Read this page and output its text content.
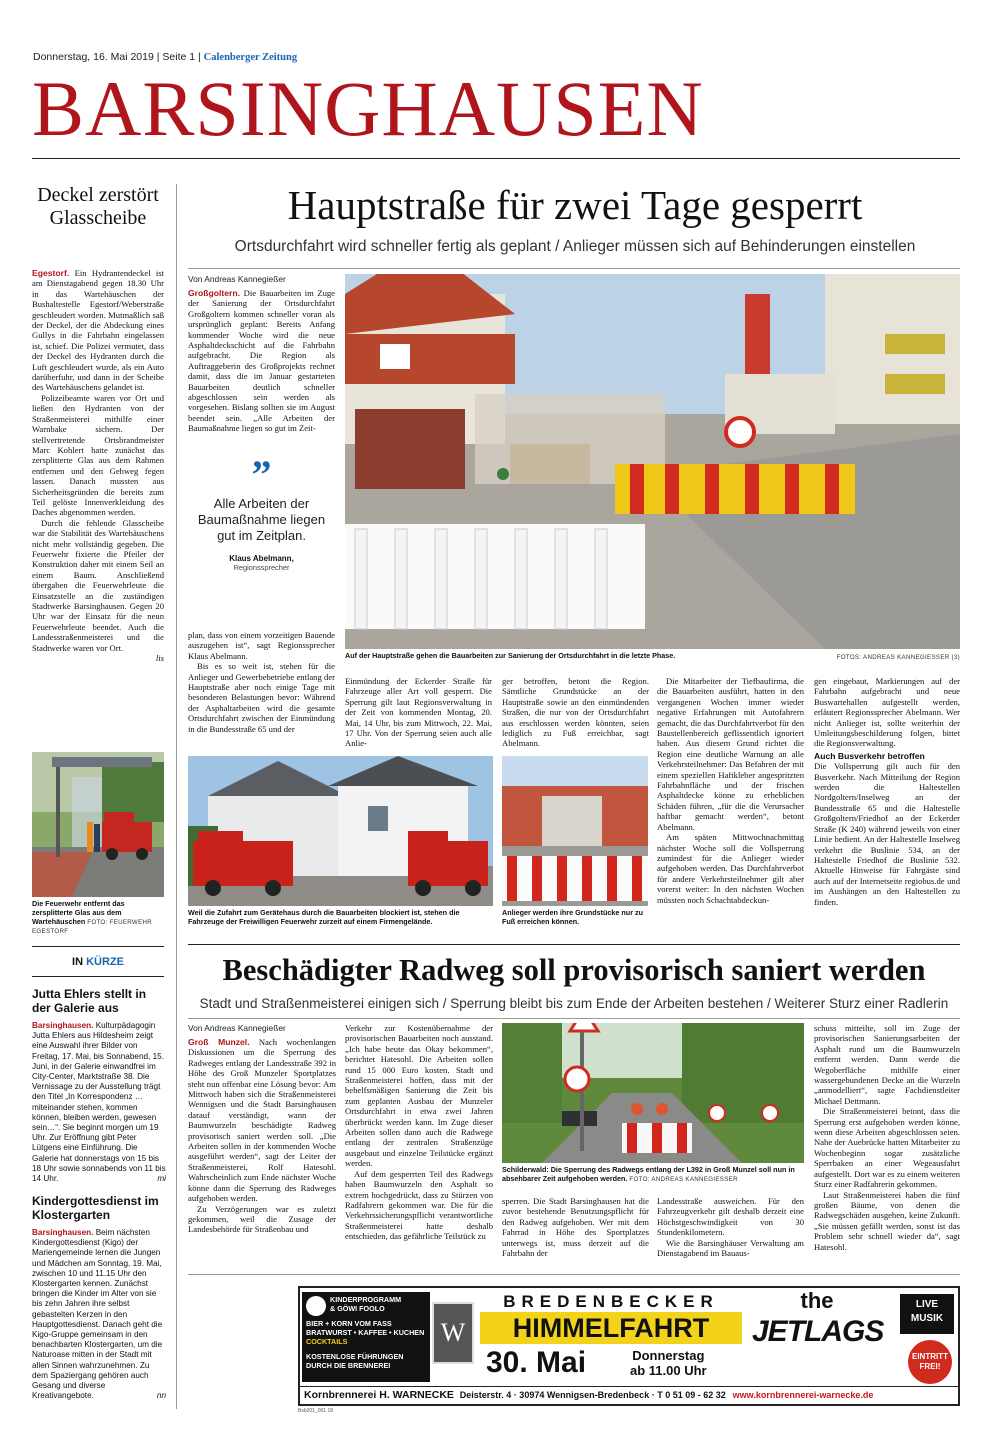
Donnerstag, 16. Mai 2019 | Seite 1 | Calenberger Zeitung
BARSINGHAUSEN
Deckel zerstört Glasscheibe

Egestorf. Ein Hydrantendeckel ist am Dienstagabend gegen 18.30 Uhr in das Wartehäuschen der Bushaltestelle Egestorf/Weberstraße geschleudert worden. Mutmaßlich saß der Deckel, der die Abdeckung eines Gullys in die Fahrbahn eingelassen ist, schief. Die Polizei vermutet, dass der Deckel des Hydranten durch die Luft geschleudert wurde, als ein Auto darüberfuhr, und dann in der Scheibe des Wartehäuschens gelandet ist.

Polizeibeamte waren vor Ort und ließen den Hydranten von der Straßenmeisterei mithilfe einer Warnbake sichern. Der stellvertretende Ortsbrandmeister Marc Kohlert hatte zunächst das zersplitterte Glas aus dem Rahmen entfernen und den Gehweg fegen lassen. Danach mussten aus Sicherheitsgründen die bereits zum Teil gelöste Innenverkleidung des Daches abgenommen werden.

Durch die fehlende Glasscheibe war die Stabilität des Wartehäuschens nicht mehr vollständig gegeben. Die Feuerwehr fixierte die Pfeiler der Konstruktion daher mit einem Seil an einem Baum. Anschließend übergaben die Feuerwehrleute die Einsatzstelle an die zuständigen Stadtwerke Barsinghausen. Gegen 20 Uhr war der Einsatz für die neun Feuerwehrleute beendet. Auch die Landesstraßenmeisterei und die Stadtwerke waren vor Ort.

lis

Die Feuerwehr entfernt das zersplitterte Glas aus dem Wartehäuschen FOTO: FEUERWEHR EGESTORF
IN KÜRZE
Jutta Ehlers stellt in der Galerie aus
Barsinghausen. Kulturpädagogin Jutta Ehlers aus Hildesheim zeigt eine Auswahl ihrer Bilder von Freitag, 17. Mai, bis Sonnabend, 15. Juni, in der Galerie einwandfrei im City-Center, Marktstraße 38. Die Vernissage zu der Ausstellung trägt den Titel „In Korrespondenz … miteinander stehen, kommen können, bleiben werden, gewesen sein…“. Sie beginnt morgen um 19 Uhr. Zur Eröffnung gibt Peter Lütgens eine Einführung. Die Galerie hat donnerstags von 15 bis 18 Uhr sowie sonnabends von 11 bis 14 Uhr.	mi
Kindergottesdienst im Klostergarten
Barsinghausen. Beim nächsten Kindergottesdienst (Kigo) der Mariengemeinde lernen die Jungen und Mädchen am Sonntag, 19. Mai, zwischen 10 und 11.15 Uhr den Klostergarten kennen. Zunächst bringen die Kinder im Alter von sie bis zehn Jahren ihre selbst gebastelten Kerzen in den Hauptgottesdienst. Danach geht die Kigo-Gruppe gemeinsam in den benachbarten Klostergarten, um die Naturoase mitten in der Stadt mit allen Sinnen wahrzunehmen. Zu dem Spaziergang gehören auch Gesang und diverse Kreativangebote.	nn
Hauptstraße für zwei Tage gesperrt
Ortsdurchfahrt wird schneller fertig als geplant / Anlieger müssen sich auf Behinderungen einstellen
Von Andreas Kannegießer

Großgoltern. Die Bauarbeiten im Zuge der Sanierung der Ortsdurchfahrt Großgoltern kommen schneller voran als ursprünglich geplant: Bereits Anfang kommender Woche wird die neue Asphaltdeckschicht auf die Fahrbahn aufgebracht. Die Region als Auftraggeberin des Großprojekts rechnet damit, dass die im Januar gestarteten Bauarbeiten deutlich schneller abgeschlossen sein werden als vorgesehen. Bislang sollten sie im August beendet sein. „Alle Arbeiten der Baumaßnahme liegen so gut im Zeit-

”
Alle Arbeiten der Baumaßnahme liegen gut im Zeitplan.
Klaus Abelmann,
Regionssprecher

plan, dass von einem vorzeitigen Bauende auszugehen ist“, sagt Regionssprecher Klaus Abelmann.

Bis es so weit ist, stehen für die Anlieger und Gewerbebetriebe entlang der Hauptstraße aber noch einige Tage mit besonderen Belastungen bevor: Während der Asphaltarbeiten wird die gesamte Ortsdurchfahrt zwischen der Einmündung in die Bundesstraße 65 und der

Auf der Hauptstraße gehen die Bauarbeiten zur Sanierung der Ortsdurchfahrt in die letzte Phase.	FOTOS: ANDREAS KANNEGIESSER (3)
Einmündung der Eckerder Straße für Fahrzeuge aller Art voll gesperrt. Die Sperrung gilt laut Regionsverwaltung in der Zeit von kommenden Montag, 20. Mai, 14 Uhr, bis zum Mittwoch, 22. Mai, 17 Uhr. Von der Sperrung seien auch alle Anlie-
ger betroffen, betont die Region. Sämtliche Grundstücke an der Hauptstraße sowie an den einmündenden Straßen, die nur von der Ortsdurchfahrt aus erschlossen werden könnten, seien lediglich zu Fuß erreichbar, sagt Abelmann.

Die Mitarbeiter der Tiefbaufirma, die die Bauarbeiten ausführt, hatten in den vergangenen Wochen immer wieder negative Erfahrungen mit Autofahrern gemacht, die das Durchfahrtverbot für den Baustellenbereich geflissentlich ignoriert haben. Aus diesem Grund richtet die Region eine deutliche Warnung an alle Verkehrsteilnehmer: Das Befahren der mit einem speziellen Haftkleber angespritzten Fahrbahnfläche und der frischen Asphaltdecke könne zu erheblichen Schäden führen, „für die die Verursacher haftbar gemacht werden“, betont Abelmann.

Am späten Mittwochnachmittag nächster Woche soll die Vollsperrung zumindest für die Anlieger wieder aufgehoben werden. Das Durchfahrverbot für andere Verkehrsteilnehmer gilt aber vorerst weiter: In den nächsten Wochen müssten noch Schachtabdeckun-

gen eingebaut, Markierungen auf der Fahrbahn aufgebracht und neue Buswartehallen aufgestellt werden, erläutert Regionssprecher Abelmann. Wer nicht Anlieger ist, sollte weiterhin der Umleitungsbeschilderung folgen, bittet die Regionsverwaltung.

Auch Busverkehr betroffen

Die Vollsperrung gilt auch für den Busverkehr. Nach Mitteilung der Region werden die Haltestellen Nordgoltern/Inselweg an der Bundesstraße 65 und die Haltestelle Großgoltern/Friedhof an der Eckerder Straße (K 240) während jeweils von einer Linie bedient. An der Haltestelle Inselweg verkehrt die Buslinie 534, an der Haltestelle Friedhof die Buslinie 532. Aktuelle Hinweise für Fahrgäste sind auch auf der Internetseite regiobus.de und im Aushängen an den Haltestellen zu finden.

Weil die Zufahrt zum Gerätehaus durch die Bauarbeiten blockiert ist, stehen die Fahrzeuge der Freiwilligen Feuerwehr zurzeit auf einem Firmengelände.
Anlieger werden ihre Grundstücke nur zu Fuß erreichen können.
Beschädigter Radweg soll provisorisch saniert werden
Stadt und Straßenmeisterei einigen sich / Sperrung bleibt bis zum Ende der Arbeiten bestehen / Weiterer Sturz einer Radlerin
Von Andreas Kannegießer

Groß Munzel. Nach wochenlangen Diskussionen um die Sperrung des Radweges entlang der Landesstraße 392 in Höhe des Groß Munzeler Sportplatzes steht nun offenbar eine Lösung bevor: Am Mittwoch haben sich die Straßenmeisterei Wennigsen und die Stadt Barsinghausen darauf verständigt, wann der Baumwurzeln beschädigte Radweg provisorisch saniert werden soll. „Die Arbeiten sollen in der kommenden Woche ausgeführt werden“, sagt der Leiter der Straßenmeisterei, Rolf Hatesohl. Wahrscheinlich zum Ende nächster Woche könne dann die Sperrung des Radweges aufgehoben werden.

Zu Verzögerungen war es zuletzt gekommen, weil die Zusage der Landesbehörde für Straßenbau und

Verkehr zur Kostenübernahme der provisorischen Bauarbeiten noch ausstand. „Ich habe heute das Okay bekommen“, berichtet Hatesohl. Die Arbeiten sollen rund 15 000 Euro kosten. Stadt und Straßenmeisterei hoffen, dass mit der behelfsmäßigen Sanierung die Zeit bis zum geplanten Ausbau der Munzeler Ortsdurchfahrt in etwa zwei Jahren überbrückt werden kann. Im Zuge dieser Arbeiten sollen dann auch die Radwege entlang der zentralen Straßenzüge ausgebaut und einzelne Teilstücke ergänzt werden.

Auf dem gesperrten Teil des Radwegs haben Baumwurzeln den Asphalt so extrem hochgedrückt, dass zu Stürzen von Radfahrern gekommen war. Die für die Verkehrssicherungspflicht verantwortliche Straßenmeisterei hatte deshalb entschieden, das gefährliche Teilstück zu

Schilderwald: Die Sperrung des Radwegs entlang der L392 in Groß Munzel soll nun in absehbarer Zeit aufgehoben werden. FOTO: ANDREAS KANNEGIESSER
sperren. Die Stadt Barsinghausen hat die zuvor bestehende Benutzungspflicht für den Radweg aufgehoben. Wer mit dem Fahrrad in Höhe des Sportplatzes unterwegs ist, muss derzeit auf die Fahrbahn der

Landesstraße ausweichen. Für den Fahrzeugverkehr gilt deshalb derzeit eine Höchstgeschwindigkeit von 30 Stundenkilometern.

Wie die Barsinghäuser Verwaltung am Dienstagabend im Bauaus-

schuss mitteilte, soll im Zuge der provisorischen Sanierungsarbeiten der Asphalt rund um die Baumwurzeln entfernt werden. Dann werde die Wegoberfläche mithilfe einer wassergebundenen Decke an die Wurzeln „anmodelliert“, sagte Fachdienstleiter Michael Dettmann.

Die Straßenmeisterei betont, dass die Sperrung erst aufgehoben werden könne, wenn diese Arbeiten abgeschlossen seien. Nahe der Auebrücke hatten Mitarbeiter zu Wochenbeginn sogar zusätzliche Sperrbaken an einer Wegeausfahrt aufgestellt. Dort war es zu einem weiteren Sturz einer Radfahrerin gekommen.

Laut Straßenmeisterei haben die fünf großen Bäume, von denen die Radwegschäden ausgehen, keine Zukunft. „Sie müssen gefällt werden, sonst ist das Problem sehr schnell wieder da“, sagt Hatesohl.

KINDERPROGRAMM
& GÖWI FOOLO
BIER + KORN VOM FASS
BRATWURST • KAFFEE • KUCHEN
COCKTAILS
KOSTENLOSE FÜHRUNGEN
DURCH DIE BRENNEREI
W
BREDENBECKER
HIMMELFAHRT
30. Mai	Donnerstag
ab 11.00 Uhr
the
JETLAGS
LIVE MUSIK
EINTRITT FREI!
Kornbrennerei H. WARNECKE Deisterstr. 4 · 30974 Wennigsen-Bredenbeck · T 0 51 09 - 62 32 www.kornbrennerei-warnecke.de
Bsb201_001 18
